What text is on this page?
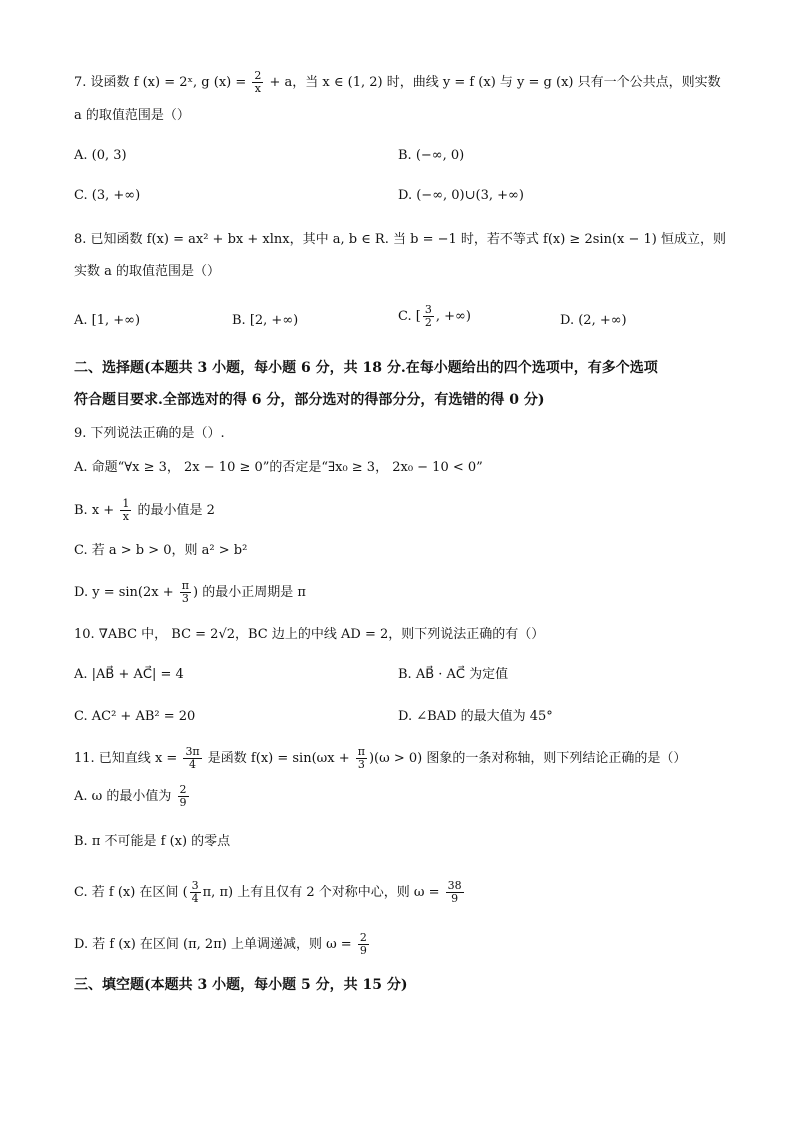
7. 设函数 f (x) = 2ˣ, g $(x) = \frac{2}{x} + a$，当 x ∈ (1, 2) 时，曲线 y = f (x) 与 y = g (x) 只有一个公共点，则实数
a 的取值范围是（）
A. (0, 3)	B. (−∞, 0)
C. (3, +∞)	D. (−∞, 0)∪(3, +∞)
8. 已知函数 f(x) = ax² + bx + xlnx，其中 a, b ∈ R. 当 b = −1 时，若不等式 f(x) ≥ 2sin(x − 1) 恒成立，则
实数 a 的取值范围是（）
A. [1, +∞)	B. [2, +∞)	C. [ $\frac{3}{2}$ , +∞)	D. (2, +∞)
二、选择题(本题共 3 小题，每小题 6 分，共 18 分.在每小题给出的四个选项中，有多个选项
符合题目要求.全部选对的得 6 分，部分选对的得部分分，有选错的得 0 分)
9. 下列说法正确的是（）.
A. 命题“∀x ≥ 3， 2x − 10 ≥ 0”的否定是“∃x₀ ≥ 3， 2x₀ − 10 < 0”
B. $x + \frac{1}{x}$ 的最小值是 2
C. 若 a > b > 0，则 a² > b²
D. $y = \sin(2x + \frac{\pi}{3}$ ) 的最小正周期是 π
10. ∇ABC 中， BC = 2√2，BC 边上的中线 AD = 2，则下列说法正确的有（）
A. |AB⃗ + AC⃗| = 4	B. AB⃗ · AC⃗ 为定值
C. AC² + AB² = 20	D. ∠BAD 的最大值为 45°
11. 已知直线 $x = \frac{3\pi}{4}$ 是函数 $f(x) = \sin(\omega x + \frac{\pi}{3} )(\omega > 0)$ 图象的一条对称轴，则下列结论正确的是（）
A. ω 的最小值为 $\frac{2}{9}$
B. π 不可能是 f (x) 的零点
C. 若 f (x) 在区间 ( $\frac{3}{4} \pi$, π) 上有且仅有 2 个对称中心，则 $\omega = \frac{38}{9}$
D. 若 f (x) 在区间 (π, 2π) 上单调递减，则 $\omega = \frac{2}{9}$
三、填空题(本题共 3 小题，每小题 5 分，共 15 分)
